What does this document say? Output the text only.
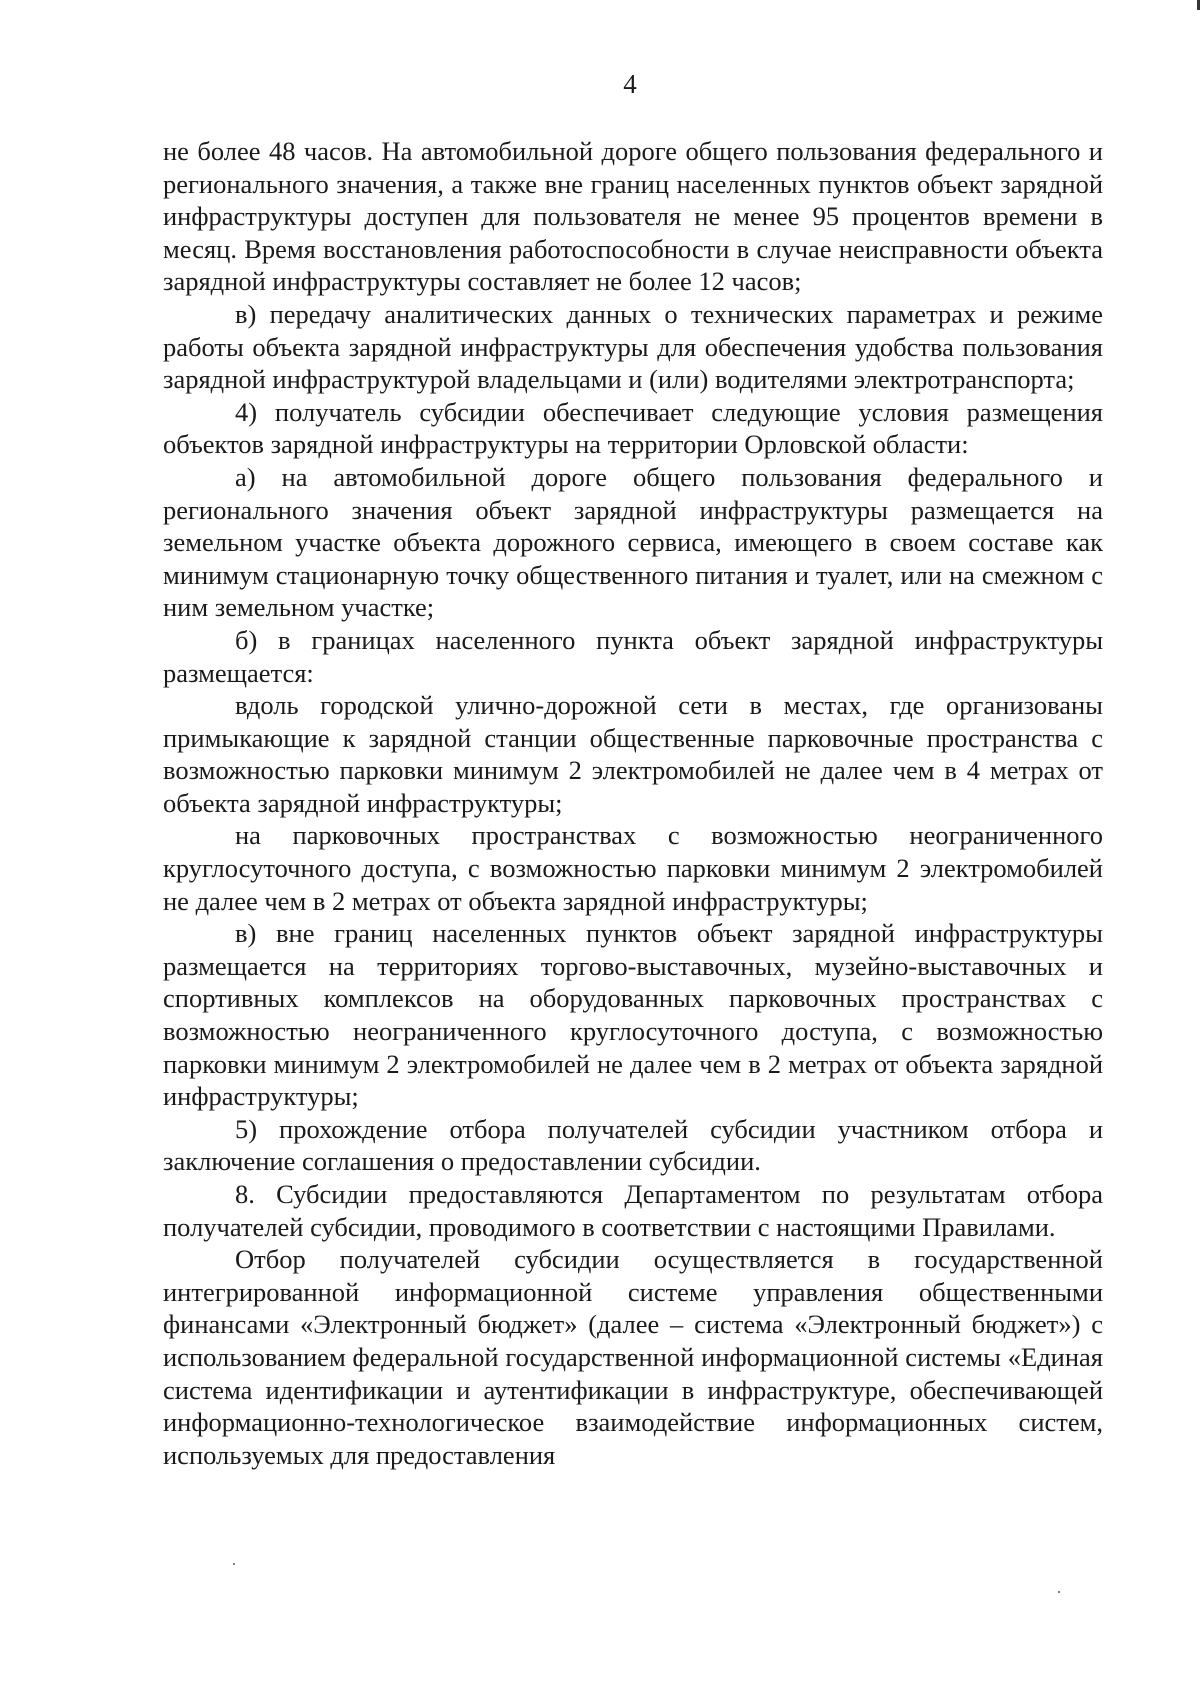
4

не более 48 часов. На автомобильной дороге общего пользования федерального и регионального значения, а также вне границ населенных пунктов объект зарядной инфраструктуры доступен для пользователя не менее 95 процентов времени в месяц. Время восстановления работоспособности в случае неисправности объекта зарядной инфраструктуры составляет не более 12 часов;

в) передачу аналитических данных о технических параметрах и режиме работы объекта зарядной инфраструктуры для обеспечения удобства пользования зарядной инфраструктурой владельцами и (или) водителями электротранспорта;

4) получатель субсидии обеспечивает следующие условия размещения объектов зарядной инфраструктуры на территории Орловской области:

а) на автомобильной дороге общего пользования федерального и регионального значения объект зарядной инфраструктуры размещается на земельном участке объекта дорожного сервиса, имеющего в своем составе как минимум стационарную точку общественного питания и туалет, или на смежном с ним земельном участке;

б) в границах населенного пункта объект зарядной инфраструктуры размещается:

вдоль городской улично-дорожной сети в местах, где организованы примыкающие к зарядной станции общественные парковочные пространства с возможностью парковки минимум 2 электромобилей не далее чем в 4 метрах от объекта зарядной инфраструктуры;

на парковочных пространствах с возможностью неограниченного круглосуточного доступа, с возможностью парковки минимум 2 электромобилей не далее чем в 2 метрах от объекта зарядной инфраструктуры;

в) вне границ населенных пунктов объект зарядной инфраструктуры размещается на территориях торгово-выставочных, музейно-выставочных и спортивных комплексов на оборудованных парковочных пространствах с возможностью неограниченного круглосуточного доступа, с возможностью парковки минимум 2 электромобилей не далее чем в 2 метрах от объекта зарядной инфраструктуры;

5) прохождение отбора получателей субсидии участником отбора и заключение соглашения о предоставлении субсидии.

8. Субсидии предоставляются Департаментом по результатам отбора получателей субсидии, проводимого в соответствии с настоящими Правилами.

Отбор получателей субсидии осуществляется в государственной интегрированной информационной системе управления общественными финансами «Электронный бюджет» (далее – система «Электронный бюджет») с использованием федеральной государственной информационной системы «Единая система идентификации и аутентификации в инфраструктуре, обеспечивающей информационно-технологическое взаимодействие информационных систем, используемых для предоставления
